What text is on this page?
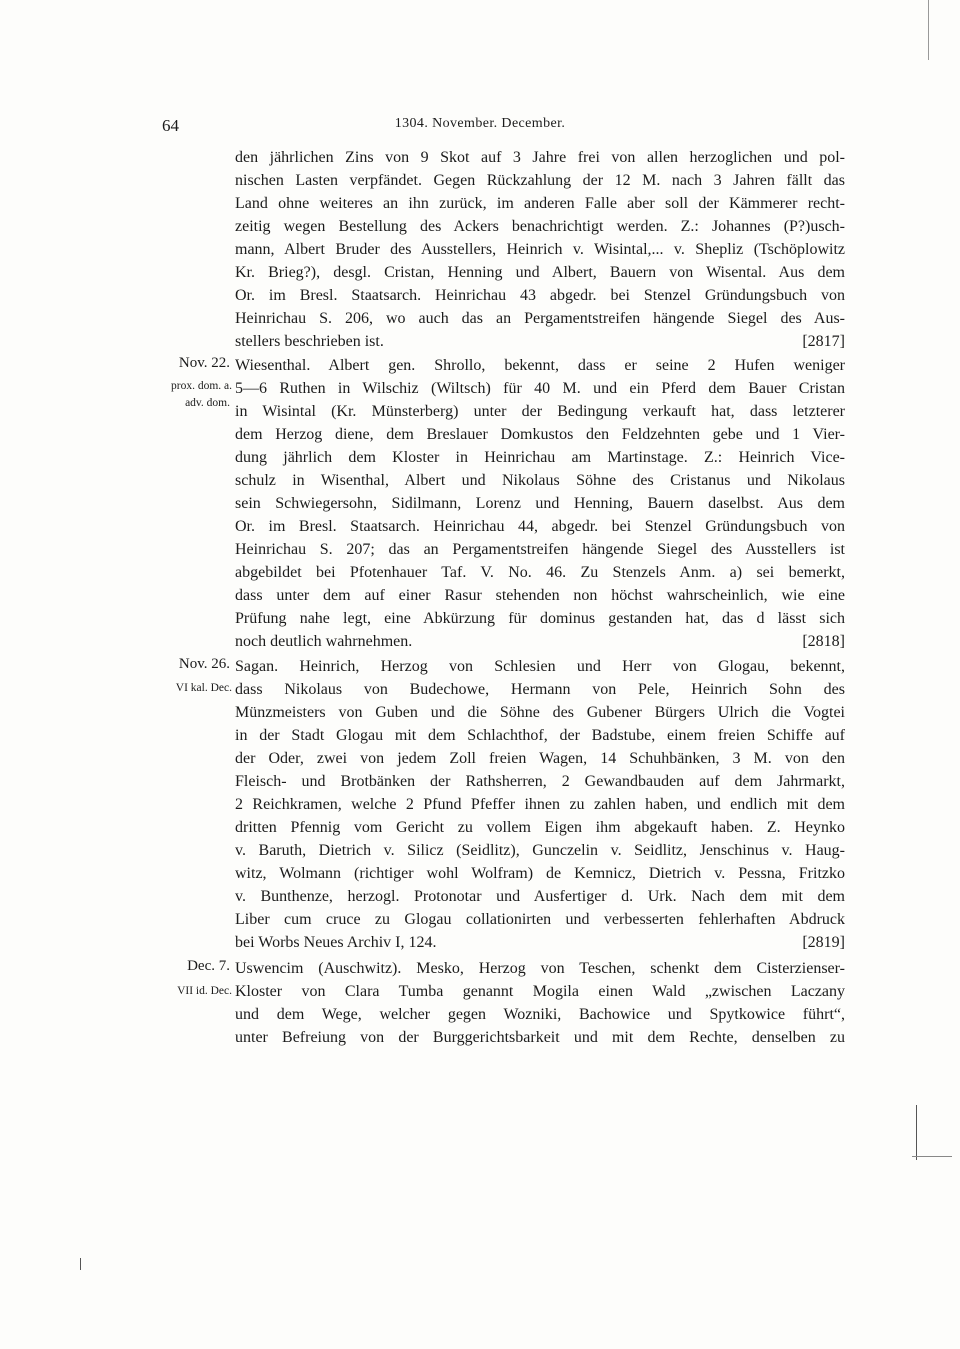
64	1304. November. December.
den jährlichen Zins von 9 Skot auf 3 Jahre frei von allen herzoglichen und pol-
nischen Lasten verpfändet. Gegen Rückzahlung der 12 M. nach 3 Jahren fällt das
Land ohne weiteres an ihn zurück, im anderen Falle aber soll der Kämmerer recht-
zeitig wegen Bestellung des Ackers benachrichtigt werden. Z.: Johannes (P?)usch-
mann, Albert Bruder des Ausstellers, Heinrich v. Wisintal,... v. Shepliz (Tschöplowitz
Kr. Brieg?), desgl. Cristan, Henning und Albert, Bauern von Wisental. Aus dem
Or. im Bresl. Staatsarch. Heinrichau 43 abgedr. bei Stenzel Gründungsbuch von
Heinrichau S. 206, wo auch das an Pergamentstreifen hängende Siegel des Aus-
stellers beschrieben ist.	[2817]
Nov. 22.
prox. dom. a.
adv. dom.
Wiesenthal. Albert gen. Shrollo, bekennt, dass er seine 2 Hufen weniger
5—6 Ruthen in Wilschiz (Wiltsch) für 40 M. und ein Pferd dem Bauer Cristan
in Wisintal (Kr. Münsterberg) unter der Bedingung verkauft hat, dass letzterer
dem Herzog diene, dem Breslauer Domkustos den Feldzehnten gebe und 1 Vier-
dung jährlich dem Kloster in Heinrichau am Martinstage. Z.: Heinrich Vice-
schulz in Wisenthal, Albert und Nikolaus Söhne des Cristanus und Nikolaus
sein Schwiegersohn, Sidilmann, Lorenz und Henning, Bauern daselbst. Aus dem
Or. im Bresl. Staatsarch. Heinrichau 44, abgedr. bei Stenzel Gründungsbuch von
Heinrichau S. 207; das an Pergamentstreifen hängende Siegel des Ausstellers ist
abgebildet bei Pfotenhauer Taf. V. No. 46. Zu Stenzels Anm. a) sei bemerkt,
dass unter dem auf einer Rasur stehenden non höchst wahrscheinlich, wie eine
Prüfung nahe legt, eine Abkürzung für dominus gestanden hat, das d lässt sich
noch deutlich wahrnehmen.	[2818]
Nov. 26.
VI kal. Dec.
Sagan. Heinrich, Herzog von Schlesien und Herr von Glogau, bekennt,
dass Nikolaus von Budechowe, Hermann von Pele, Heinrich Sohn des
Münzmeisters von Guben und die Söhne des Gubener Bürgers Ulrich die Vogtei
in der Stadt Glogau mit dem Schlachthof, der Badstube, einem freien Schiffe auf
der Oder, zwei von jedem Zoll freien Wagen, 14 Schuhbänken, 3 M. von den
Fleisch- und Brotbänken der Rathsherren, 2 Gewandbauden auf dem Jahrmarkt,
2 Reichkramen, welche 2 Pfund Pfeffer ihnen zu zahlen haben, und endlich mit dem
dritten Pfennig vom Gericht zu vollem Eigen ihm abgekauft haben. Z. Heynko
v. Baruth, Dietrich v. Silicz (Seidlitz), Gunczelin v. Seidlitz, Jenschinus v. Haug-
witz, Wolmann (richtiger wohl Wolfram) de Kemnicz, Dietrich v. Pessna, Fritzko
v. Bunthenze, herzogl. Protonotar und Ausfertiger d. Urk. Nach dem mit dem
Liber cum cruce zu Glogau collationirten und verbesserten fehlerhaften Abdruck
bei Worbs Neues Archiv I, 124.	[2819]
Dec. 7.
VII id. Dec.
Uswencim (Auschwitz). Mesko, Herzog von Teschen, schenkt dem Cisterzienser-
Kloster von Clara Tumba genannt Mogila einen Wald „zwischen Laczany
und dem Wege, welcher gegen Wozniki, Bachowice und Spytkowice führt“,
unter Befreiung von der Burggerichtsbarkeit und mit dem Rechte, denselben zu
